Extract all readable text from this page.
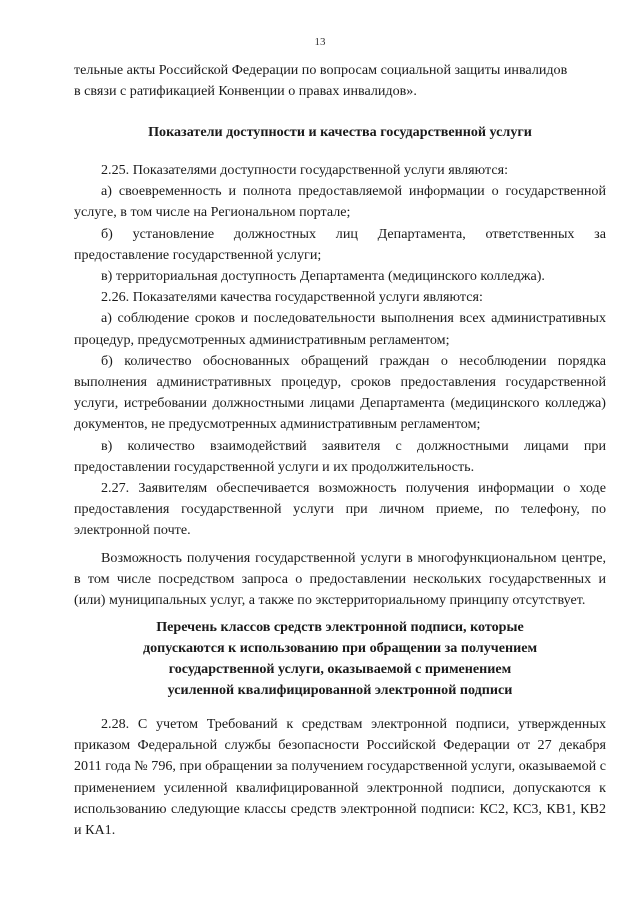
13

тельные акты Российской Федерации по вопросам социальной защиты инвалидов

в связи с ратификацией Конвенции о правах инвалидов».

Показатели доступности и качества государственной услуги

2.25. Показателями доступности государственной услуги являются:

а) своевременность и полнота предоставляемой информации о государственной услуге, в том числе на Региональном портале;

б) установление должностных лиц Департамента, ответственных за предоставление государственной услуги;

в) территориальная доступность Департамента (медицинского колледжа).

2.26. Показателями качества государственной услуги являются:

а) соблюдение сроков и последовательности выполнения всех административных процедур, предусмотренных административным регламентом;

б) количество обоснованных обращений граждан о несоблюдении порядка выполнения административных процедур, сроков предоставления государственной услуги, истребовании должностными лицами Департамента (медицинского колледжа) документов, не предусмотренных административным регламентом;

в) количество взаимодействий заявителя с должностными лицами при предоставлении государственной услуги и их продолжительность.

2.27. Заявителям обеспечивается возможность получения информации о ходе предоставления государственной услуги при личном приеме, по телефону, по электронной почте.

Возможность получения государственной услуги в многофункциональном центре, в том числе посредством запроса о предоставлении нескольких государственных и (или) муниципальных услуг, а также по экстерриториальному принципу отсутствует.

Перечень классов средств электронной подписи, которые
допускаются к использованию при обращении за получением
государственной услуги, оказываемой с применением
усиленной квалифицированной электронной подписи

2.28. С учетом Требований к средствам электронной подписи, утвержденных приказом Федеральной службы безопасности Российской Федерации от 27 декабря 2011 года № 796, при обращении за получением государственной услуги, оказываемой с применением усиленной квалифицированной электронной подписи, допускаются к использованию следующие классы средств электронной подписи: КС2, КС3, КВ1, КВ2 и КА1.
